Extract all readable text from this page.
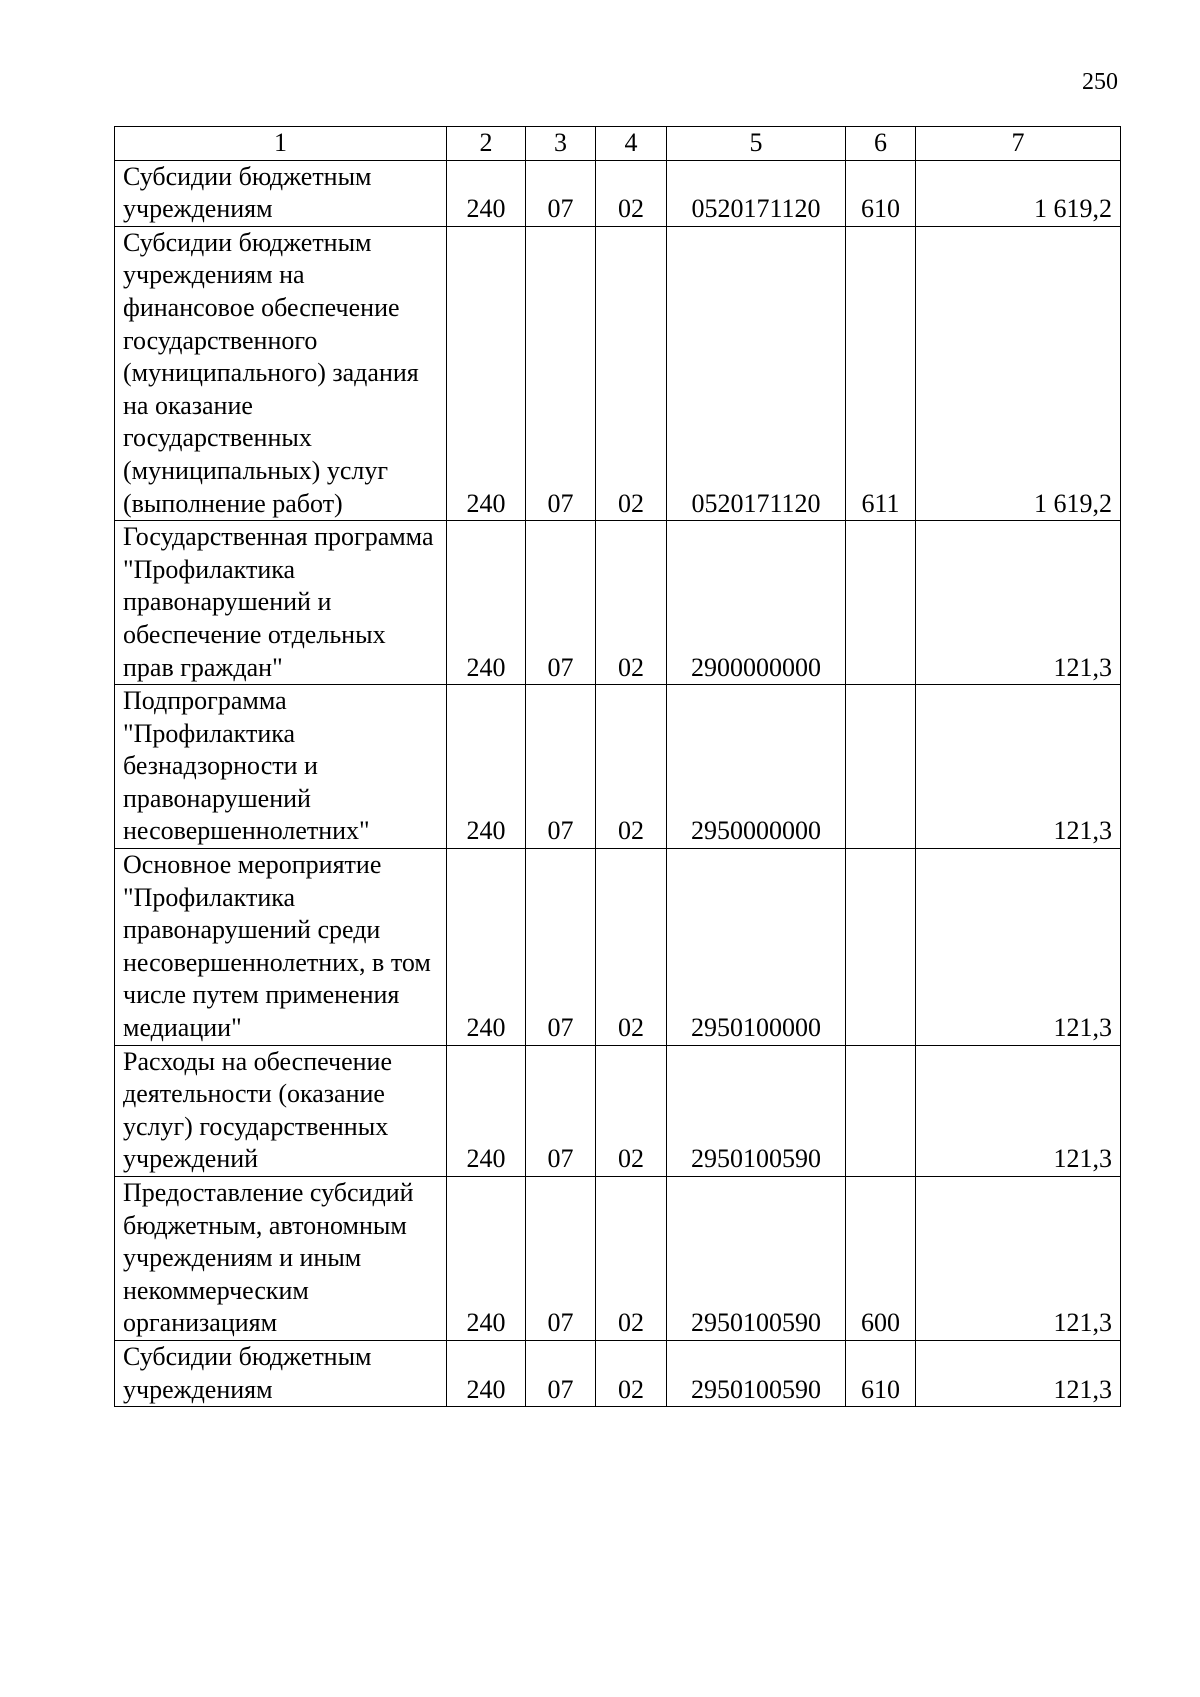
250
1	2	3	4	5	6	7
Субсидии бюджетным учреждениям	240	07	02	0520171120	610	1 619,2
Субсидии бюджетным учреждениям на финансовое обеспечение государственного (муниципального) задания на оказание государственных (муниципальных) услуг (выполнение работ)	240	07	02	0520171120	611	1 619,2
Государственная программа "Профилактика правонарушений и обеспечение отдельных прав граждан"	240	07	02	2900000000		121,3
Подпрограмма "Профилактика безнадзорности и правонарушений несовершеннолетних"	240	07	02	2950000000		121,3
Основное мероприятие "Профилактика правонарушений среди несовершеннолетних, в том числе путем применения медиации"	240	07	02	2950100000		121,3
Расходы на обеспечение деятельности (оказание услуг) государственных учреждений	240	07	02	2950100590		121,3
Предоставление субсидий бюджетным, автономным учреждениям и иным некоммерческим организациям	240	07	02	2950100590	600	121,3
Субсидии бюджетным учреждениям	240	07	02	2950100590	610	121,3
